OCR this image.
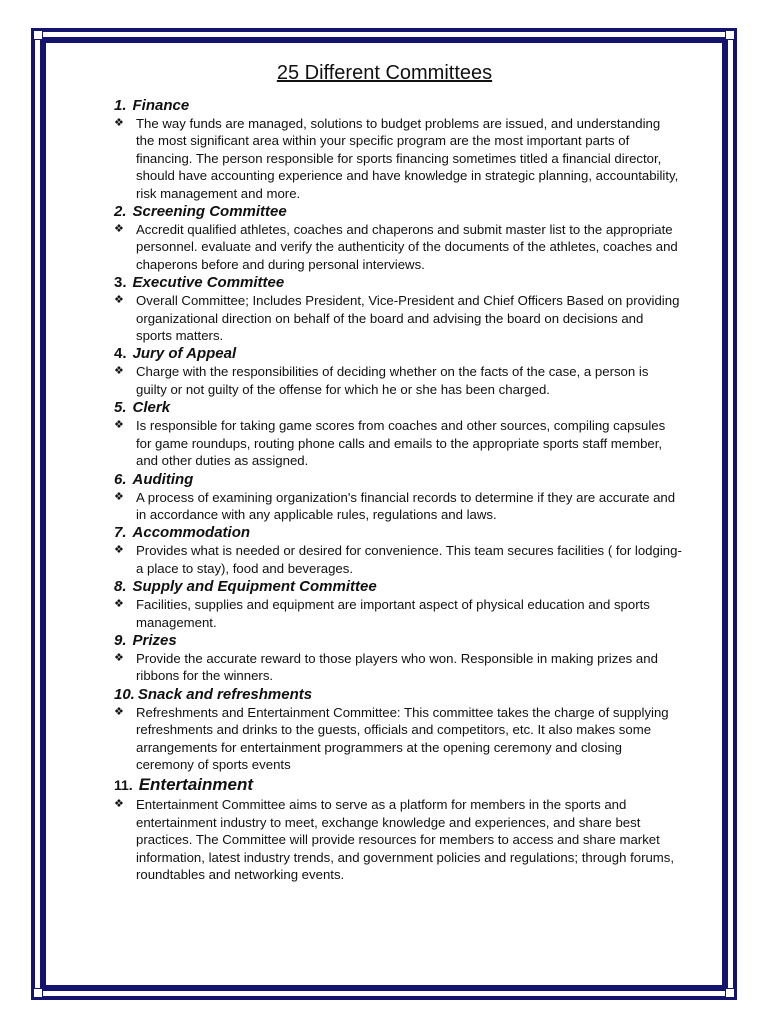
25 Different Committees
1. Finance
❖ The way funds are managed, solutions to budget problems are issued, and understanding the most significant area within your specific program are the most important parts of financing. The person responsible for sports financing sometimes titled a financial director, should have accounting experience and have knowledge in strategic planning, accountability, risk management and more.
2. Screening Committee
❖ Accredit qualified athletes, coaches and chaperons and submit master list to the appropriate personnel. evaluate and verify the authenticity of the documents of the athletes, coaches and chaperons before and during personal interviews.
3. Executive Committee
❖ Overall Committee; Includes President, Vice-President and Chief Officers Based on providing organizational direction on behalf of the board and advising the board on decisions and sports matters.
4. Jury of Appeal
❖ Charge with the responsibilities of deciding whether on the facts of the case, a person is guilty or not guilty of the offense for which he or she has been charged.
5. Clerk
❖ Is responsible for taking game scores from coaches and other sources, compiling capsules for game roundups, routing phone calls and emails to the appropriate sports staff member, and other duties as assigned.
6. Auditing
❖ A process of examining organization's financial records to determine if they are accurate and in accordance with any applicable rules, regulations and laws.
7. Accommodation
❖ Provides what is needed or desired for convenience. This team secures facilities ( for lodging- a place to stay), food and beverages.
8. Supply and Equipment Committee
❖ Facilities, supplies and equipment are important aspect of physical education and sports management.
9. Prizes
❖ Provide the accurate reward to those players who won. Responsible in making prizes and ribbons for the winners.
10. Snack and refreshments
❖ Refreshments and Entertainment Committee: This committee takes the charge of supplying refreshments and drinks to the guests, officials and competitors, etc. It also makes some arrangements for entertainment programmers at the opening ceremony and closing ceremony of sports events
11. Entertainment
❖ Entertainment Committee aims to serve as a platform for members in the sports and entertainment industry to meet, exchange knowledge and experiences, and share best practices. The Committee will provide resources for members to access and share market information, latest industry trends, and government policies and regulations; through forums, roundtables and networking events.
